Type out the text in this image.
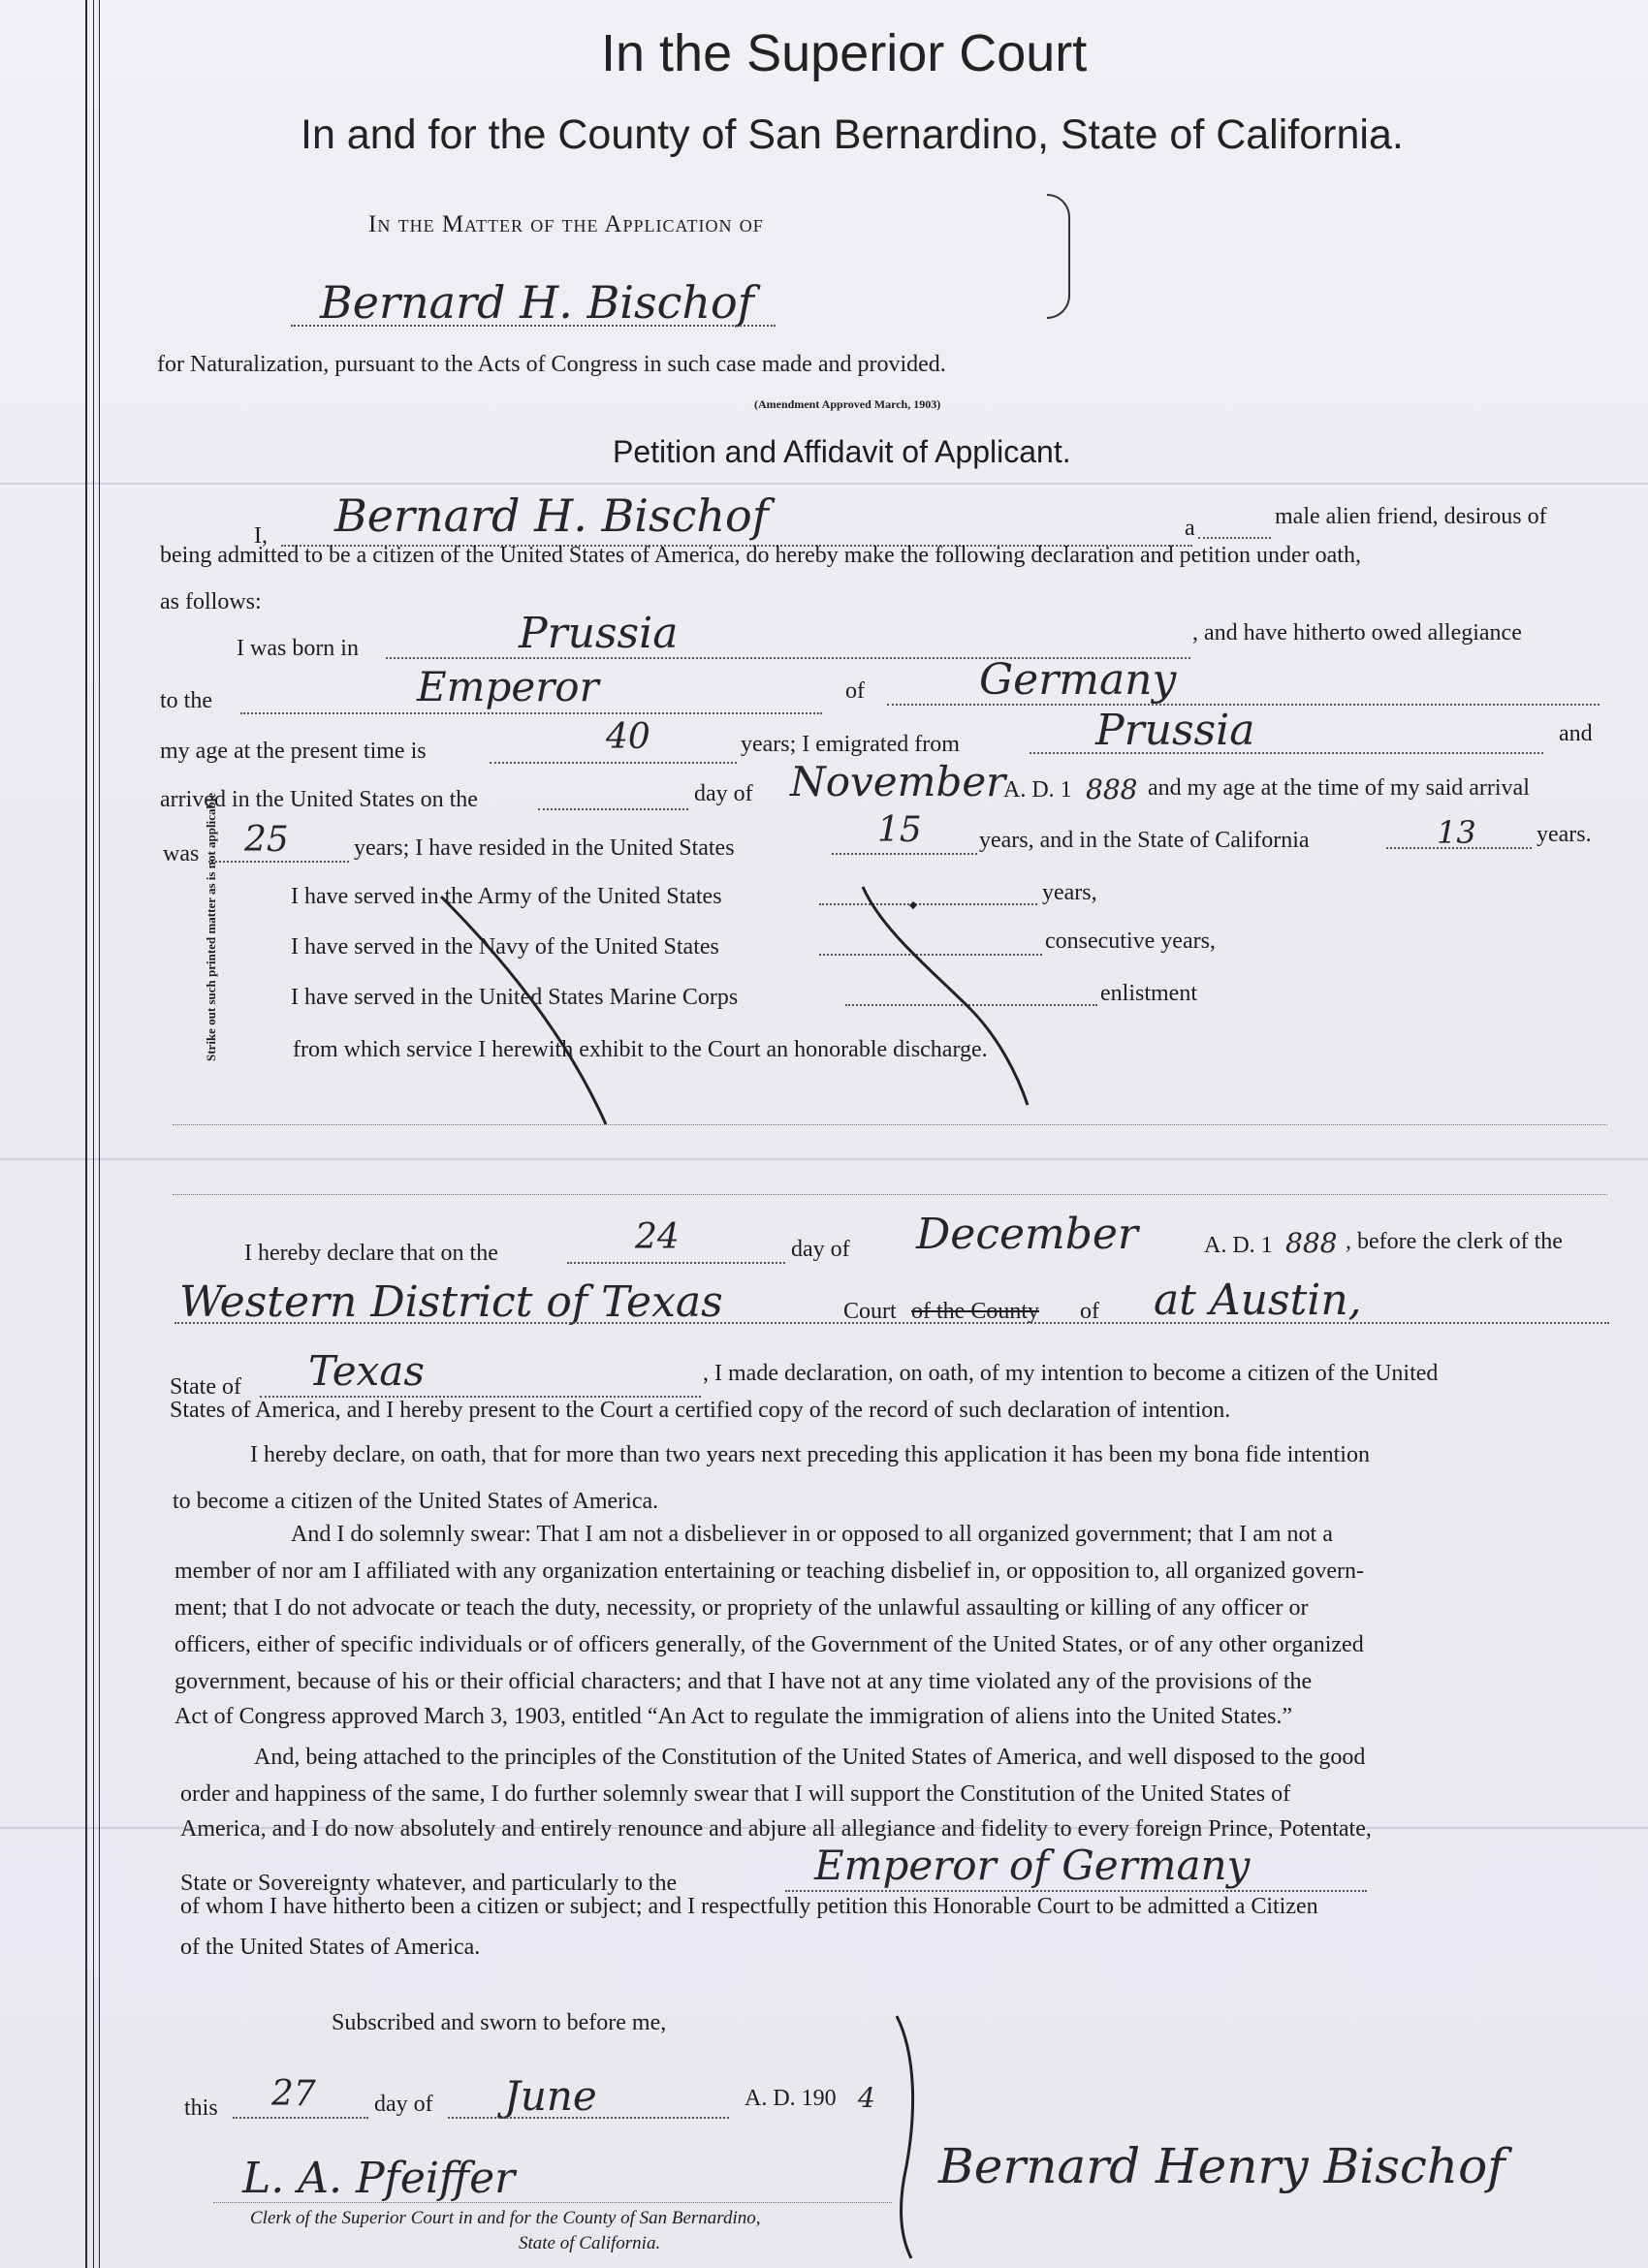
In the Superior Court
In and for the County of San Bernardino, State of California.
In the Matter of the Application of
Bernard H. Bischof
for Naturalization, pursuant to the Acts of Congress in such case made and provided.
(Amendment Approved March, 1903)
Petition and Affidavit of Applicant.
I, Bernard H. Bischof	a	male alien friend, desirous of
being admitted to be a citizen of the United States of America, do hereby make the following declaration and petition under oath,
as follows:
I was born in	Prussia	, and have hitherto owed allegiance
to the	Emperor	of	Germany
my age at the present time is	40	years; I emigrated from	Prussia	and
arrived in the United States on the	day of November
A. D. 1 888 and my age at the time of my said arrival
was 25	years; I have resided in the United States	15 years, and in the State of California	13	years.
Strike out such printed matter as is not applicable	I have served in the Army of the United States	years,
I have served in the Navy of the United States	consecutive years,
I have served in the United States Marine Corps	enlistment
from which service I herewith exhibit to the Court an honorable discharge.
I hereby declare that on the	24	day of December	A. D. 1 888 , before the clerk of the
Western District of Texas	Court of the County of at Austin,
State of Texas	, I made declaration, on oath, of my intention to become a citizen of the United
States of America, and I hereby present to the Court a certified copy of the record of such declaration of intention.
I hereby declare, on oath, that for more than two years next preceding this application it has been my bona fide intention
to become a citizen of the United States of America.
And I do solemnly swear: That I am not a disbeliever in or opposed to all organized government; that I am not a
member of nor am I affiliated with any organization entertaining or teaching disbelief in, or opposition to, all organized govern-
ment; that I do not advocate or teach the duty, necessity, or propriety of the unlawful assaulting or killing of any officer or
officers, either of specific individuals or of officers generally, of the Government of the United States, or of any other organized
government, because of his or their official characters; and that I have not at any time violated any of the provisions of the
Act of Congress approved March 3, 1903, entitled “An Act to regulate the immigration of aliens into the United States.”
And, being attached to the principles of the Constitution of the United States of America, and well disposed to the good
order and happiness of the same, I do further solemnly swear that I will support the Constitution of the United States of
America, and I do now absolutely and entirely renounce and abjure all allegiance and fidelity to every foreign Prince, Potentate,
State or Sovereignty whatever, and particularly to the	Emperor of Germany
of whom I have hitherto been a citizen or subject; and I respectfully petition this Honorable Court to be admitted a Citizen
of the United States of America.
Subscribed and sworn to before me,
this 27	day of June	A. D. 190 4
L. A. Pfeiffer
Clerk of the Superior Court in and for the County of San Bernardino,
State of California.
Bernard Henry Bischof
